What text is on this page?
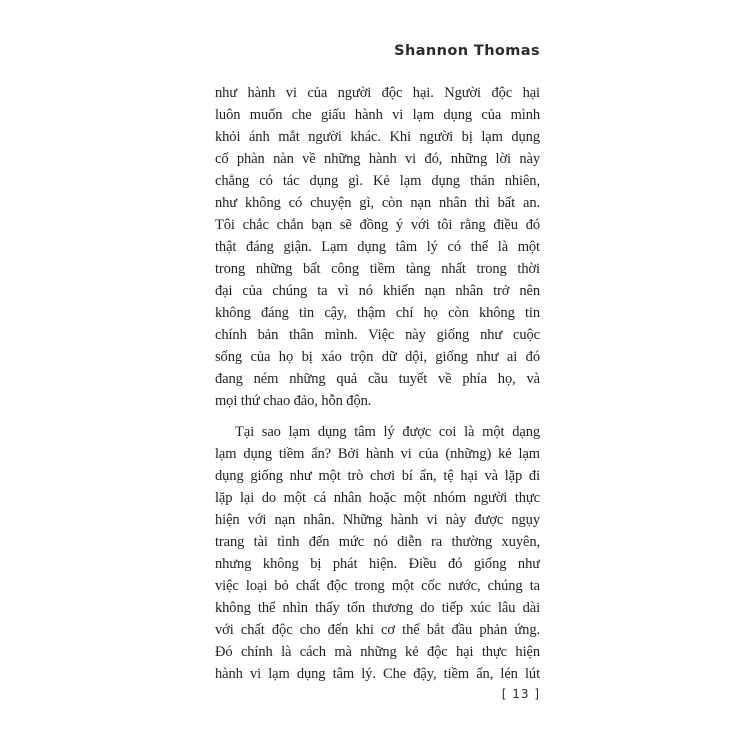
Shannon Thomas
như hành vi của người độc hại. Người độc hại
luôn muốn che giấu hành vi lạm dụng của mình
khỏi ánh mắt người khác. Khi người bị lạm dụng
cố phàn nàn về những hành vi đó, những lời này
chẳng có tác dụng gì. Kẻ lạm dụng thản nhiên,
như không có chuyện gì, còn nạn nhân thì bất an.
Tôi chắc chắn bạn sẽ đồng ý với tôi rằng điều đó
thật đáng giận. Lạm dụng tâm lý có thể là một
trong những bất công tiềm tàng nhất trong thời
đại của chúng ta vì nó khiến nạn nhân trở nên
không đáng tin cậy, thậm chí họ còn không tin
chính bản thân mình. Việc này giống như cuộc
sống của họ bị xáo trộn dữ dội, giống như ai đó
đang ném những quả cầu tuyết về phía họ, và
mọi thứ chao đảo, hỗn độn.
Tại sao lạm dụng tâm lý được coi là một dạng
lạm dụng tiềm ẩn? Bởi hành vi của (những) kẻ lạm
dụng giống như một trò chơi bí ẩn, tệ hại và lặp đi
lặp lại do một cá nhân hoặc một nhóm người thực
hiện với nạn nhân. Những hành vi này được ngụy
trang tài tình đến mức nó diễn ra thường xuyên,
nhưng không bị phát hiện. Điều đó giống như
việc loại bỏ chất độc trong một cốc nước, chúng ta
không thể nhìn thấy tổn thương do tiếp xúc lâu dài
với chất độc cho đến khi cơ thể bắt đầu phản ứng.
Đó chính là cách mà những kẻ độc hại thực hiện
hành vi lạm dụng tâm lý. Che đậy, tiềm ẩn, lén lút
[ 13 ]
